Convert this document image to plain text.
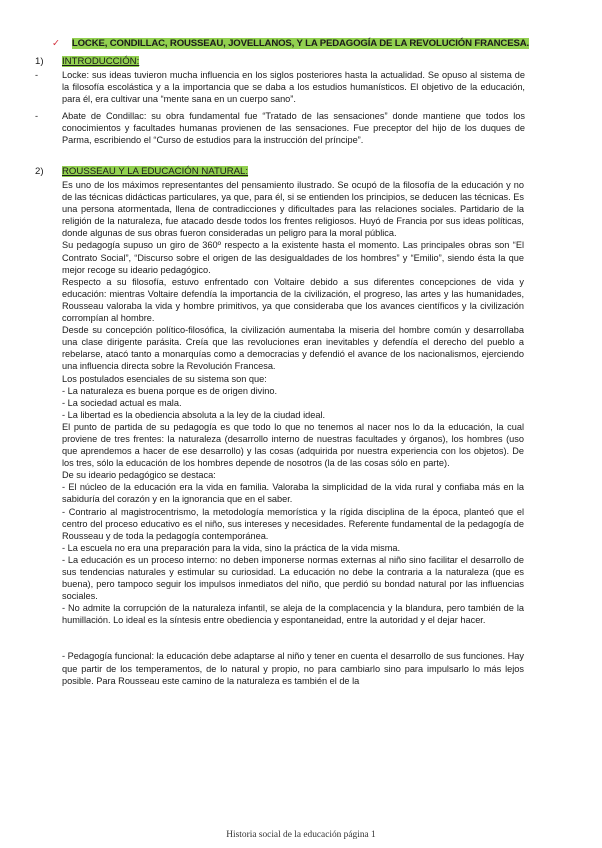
✓ LOCKE, CONDILLAC, ROUSSEAU, JOVELLANOS, Y LA PEDAGOGÍA DE LA REVOLUCIÓN FRANCESA.
1) INTRODUCCIÓN:
-	Locke: sus ideas tuvieron mucha influencia en los siglos posteriores hasta la actualidad. Se opuso al sistema de la filosofía escolástica y a la importancia que se daba a los estudios humanísticos. El objetivo de la educación, para él, era cultivar una “mente sana en un cuerpo sano”.
-	Abate de Condillac: su obra fundamental fue “Tratado de las sensaciones” donde mantiene que todos los conocimientos y facultades humanas provienen de las sensaciones. Fue preceptor del hijo de los duques de Parma, escribiendo el “Curso de estudios para la instrucción del príncipe”.
2) ROUSSEAU Y LA EDUCACIÓN NATURAL:

Es uno de los máximos representantes del pensamiento ilustrado. Se ocupó de la filosofía de la educación y no de las técnicas didácticas particulares, ya que, para él, si se entienden los principios, se deducen las técnicas. Es una persona atormentada, llena de contradicciones y dificultades para las relaciones sociales. Partidario de la religión de la naturaleza, fue atacado desde todos los frentes religiosos. Huyó de Francia por sus ideas políticas, donde algunas de sus obras fueron consideradas un peligro para la moral pública.

Su pedagogía supuso un giro de 360º respecto a la existente hasta el momento. Las principales obras son “El Contrato Social”, “Discurso sobre el origen de las desigualdades de los hombres” y “Emilio”, siendo ésta la que mejor recoge su ideario pedagógico.

Respecto a su filosofía, estuvo enfrentado con Voltaire debido a sus diferentes concepciones de vida y educación: mientras Voltaire defendía la importancia de la civilización, el progreso, las artes y las humanidades, Rousseau valoraba la vida y hombre primitivos, ya que consideraba que los avances científicos y la civilización corrompían al hombre.

Desde su concepción político-filosófica, la civilización aumentaba la miseria del hombre común y desarrollaba una clase dirigente parásita. Creía que las revoluciones eran inevitables y defendía el derecho del pueblo a rebelarse, atacó tanto a monarquías como a democracias y defendió el avance de los nacionalismos, ejerciendo una influencia directa sobre la Revolución Francesa.

Los postulados esenciales de su sistema son que:

- La naturaleza es buena porque es de origen divino.

- La sociedad actual es mala.

- La libertad es la obediencia absoluta a la ley de la ciudad ideal.

El punto de partida de su pedagogía es que todo lo que no tenemos al nacer nos lo da la educación, la cual proviene de tres frentes: la naturaleza (desarrollo interno de nuestras facultades y órganos), los hombres (uso que aprendemos a hacer de ese desarrollo) y las cosas (adquirida por nuestra experiencia con los objetos). De los tres, sólo la educación de los hombres depende de nosotros (la de las cosas sólo en parte).

De su ideario pedagógico se destaca:

- El núcleo de la educación era la vida en familia. Valoraba la simplicidad de la vida rural y confiaba más en la sabiduría del corazón y en la ignorancia que en el saber.

- Contrario al magistrocentrismo, la metodología memorística y la rígida disciplina de la época, planteó que el centro del proceso educativo es el niño, sus intereses y necesidades. Referente fundamental de la pedagogía de Rousseau y de toda la pedagogía contemporánea.

- La escuela no era una preparación para la vida, sino la práctica de la vida misma.

- La educación es un proceso interno: no deben imponerse normas externas al niño sino facilitar el desarrollo de sus tendencias naturales y estimular su curiosidad. La educación no debe la contraria a la naturaleza (que es buena), pero tampoco seguir los impulsos inmediatos del niño, que perdió su bondad natural por las influencias sociales.

- No admite la corrupción de la naturaleza infantil, se aleja de la complacencia y la blandura, pero también de la humillación. Lo ideal es la síntesis entre obediencia y espontaneidad, entre la autoridad y el dejar hacer.

- Pedagogía funcional: la educación debe adaptarse al niño y tener en cuenta el desarrollo de sus funciones. Hay que partir de los temperamentos, de lo natural y propio, no para cambiarlo sino para impulsarlo lo más lejos posible. Para Rousseau este camino de la naturaleza es también el de la

Historia social de la educación página 1
